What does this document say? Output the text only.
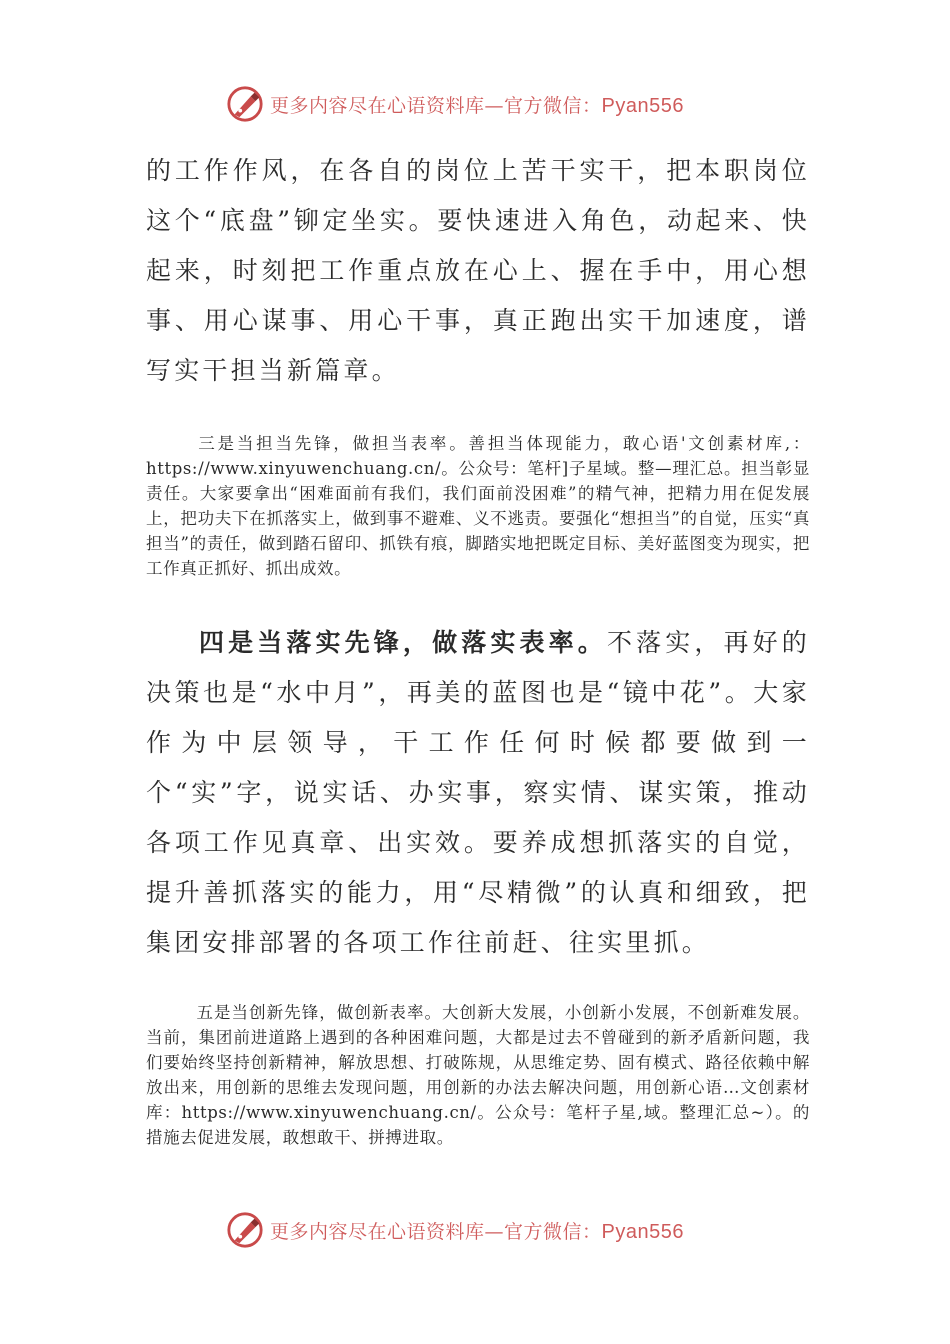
更多内容尽在心语资料库—官方微信：Pyan556

的工作作风，在各自的岗位上苦干实干，把本职岗位这个“底盘”铆定坐实。要快速进入角色，动起来、快起来，时刻把工作重点放在心上、握在手中，用心想事、用心谋事、用心干事，真正跑出实干加速度，谱写实干担当新篇章。

三是当担当先锋，做担当表率。善担当体现能力，敢心语'文创素材库,：https://www.xinyuwenchuang.cn/。公众号：笔杆]子星域。整—理汇总。担当彰显责任。大家要拿出“困难面前有我们，我们面前没困难”的精气神，把精力用在促发展上，把功夫下在抓落实上，做到事不避难、义不逃责。要强化“想担当”的自觉，压实“真担当”的责任，做到踏石留印、抓铁有痕，脚踏实地把既定目标、美好蓝图变为现实，把工作真正抓好、抓出成效。

四是当落实先锋，做落实表率。不落实，再好的决策也是“水中月”，再美的蓝图也是“镜中花”。大家作为中层领导，干工作任何时候都要做到一个“实”字，说实话、办实事，察实情、谋实策，推动各项工作见真章、出实效。要养成想抓落实的自觉，提升善抓落实的能力，用“尽精微”的认真和细致，把集团安排部署的各项工作往前赶、往实里抓。

五是当创新先锋，做创新表率。大创新大发展，小创新小发展，不创新难发展。当前，集团前进道路上遇到的各种困难问题，大都是过去不曾碰到的新矛盾新问题，我们要始终坚持创新精神，解放思想、打破陈规，从思维定势、固有模式、路径依赖中解放出来，用创新的思维去发现问题，用创新的办法去解决问题，用创新心语…文创素材库：https://www.xinyuwenchuang.cn/。公众号：笔杆子星,域。整理汇总~）。的措施去促进发展，敢想敢干、拼搏进取。

更多内容尽在心语资料库—官方微信：Pyan556
